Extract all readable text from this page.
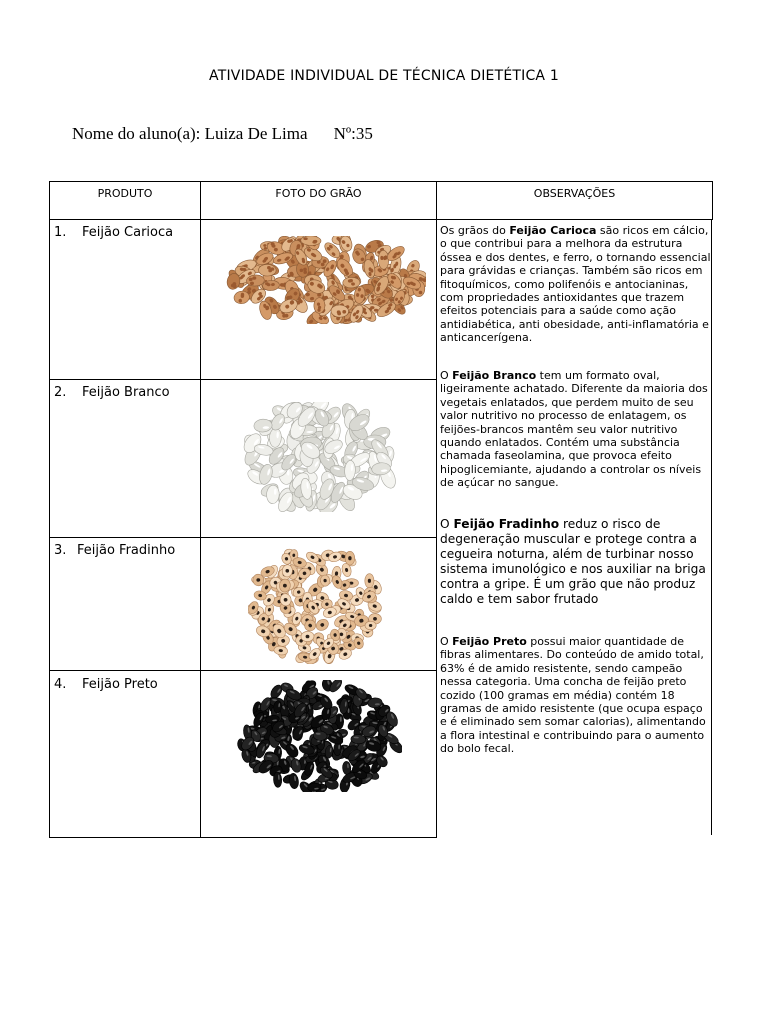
ATIVIDADE INDIVIDUAL DE TÉCNICA DIETÉTICA 1
Nome do aluno(a): Luiza De Lima Nº:35
PRODUTO	FOTO DO GRÃO	OBSERVAÇÕES
1. Feijão Carioca
2. Feijão Branco
3. Feijão Fradinho
4. Feijão Preto
Os grãos do Feijão Carioca são ricos em cálcio, o que contribui para a melhora da estrutura óssea e dos dentes, e ferro, o tornando essencial para grávidas e crianças. Também são ricos em fitoquímicos, como polifenóis e antocianinas, com propriedades antioxidantes que trazem efeitos potenciais para a saúde como ação antidiabética, anti obesidade, anti-inflamatória e anticancerígena.
O Feijão Branco tem um formato oval, ligeiramente achatado. Diferente da maioria dos vegetais enlatados, que perdem muito de seu valor nutritivo no processo de enlatagem, os feijões-brancos mantêm seu valor nutritivo quando enlatados. Contém uma substância chamada faseolamina, que provoca efeito hipoglicemiante, ajudando a controlar os níveis de açúcar no sangue.
O Feijão Fradinho reduz o risco de degeneração muscular e protege contra a cegueira noturna, além de turbinar nosso sistema imunológico e nos auxiliar na briga contra a gripe. É um grão que não produz caldo e tem sabor frutado
O Feijão Preto possui maior quantidade de fibras alimentares. Do conteúdo de amido total, 63% é de amido resistente, sendo campeão nessa categoria. Uma concha de feijão preto cozido (100 gramas em média) contém 18 gramas de amido resistente (que ocupa espaço e é eliminado sem somar calorias), alimentando a flora intestinal e contribuindo para o aumento do bolo fecal.
